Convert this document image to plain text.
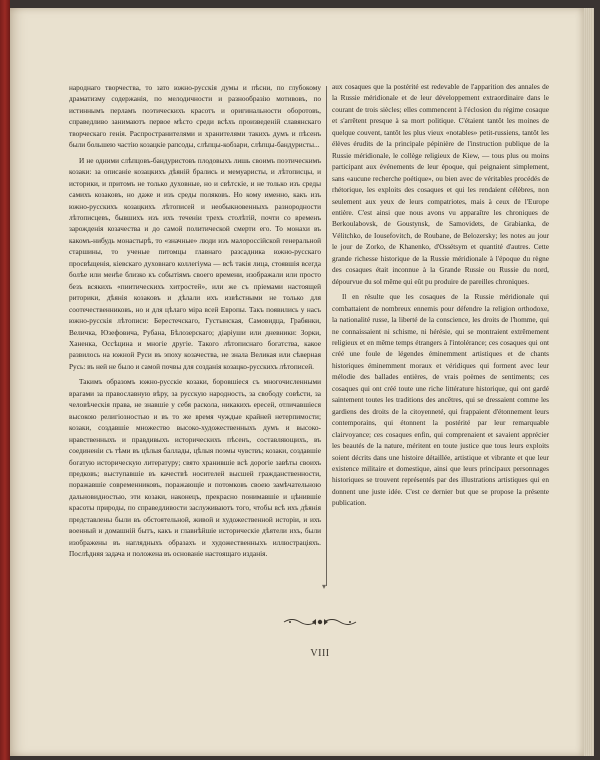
народнаго творчества, то зато южно-русскія думы и пѣсни, по глубокому драматизму содержанія, по мелодичности и разнообразію мотивовъ, по истиннымъ перламъ поэтическихъ красотъ и оригинальности оборотовъ, справедливо занимаютъ первое мѣсто среди всѣхъ произведеній славянскаго творческаго генія. Распространителями и хранителями такихъ думъ и пѣсенъ были большею частію козацкіе рапсоды, слѣпцы-кобзари, слѣпцы-бандуристы...

И не одними слѣпцовъ-бандуристовъ плодовыхъ лишь своимъ поэтическимъ козаки: за описаніе козацкихъ дѣяній брались и мемуаристы, и лѣтописцы, и историки, и притомъ не только духовные, но и свѣтскіе, и не только изъ среды самихъ козаковъ, но даже и изъ среды поляковъ. Но кому именно, какъ изъ южно-русскихъ козацкихъ лѣтописей и необыкновенныхъ разнородности лѣтописцевъ, бывшихъ изъ ихъ теченіи трехъ столѣтій, почти со временъ зарожденія козачества и до самой политической смерти его. То монахи въ какомъ-нибудь монастырѣ, то «значные» люди изъ малороссійской генеральной старшины, то ученые питомцы главнаго разсадника южно-русскаго просвѣщенія, кіевскаго духовнаго коллегіума — всѣ такія лица, стоявшія всегда болѣе или менѣе близко къ событіямъ своего времени, изображали или просто безъ всякихъ «пиитическихъ хитростей», или же съ пріемами настоящей риторики, дѣянія козаковъ и дѣлали ихъ извѣстными не только для соотечественниковъ, но и для цѣлаго міра всей Европы. Такъ появились у насъ южно-русскія лѣтописи: Берестечскаго, Густынская, Самовидца, Грабянки, Величка, Юзефовича, Рубана, Бѣлозерскаго; діаріуши или дневники: Зорки, Ханенка, Оссѣцина и многіе другіе. Такого лѣтописнаго богатства, какое развилось на южной Руси въ эпоху козачества, не знала Великая или сѣверная Русь: въ ней не было и самой почвы для созданія козацко-русскихъ лѣтописей.

Такимъ образомъ южно-русскіе козаки, боровшіеся съ многочисленными врагами за православную вѣру, за русскую народность, за свободу совѣсти, за человѣческія права, не знавшіе у себя раскола, никакихъ ересей, отличавшіеся высокою религіозностью и въ то же время чуждые крайней нетерпимости; козаки, создавшіе множество высоко-художественныхъ думъ и высоко-нравственныхъ и правдивыхъ историческихъ пѣсенъ, составляющихъ, въ соединеніи съ тѣми въ цѣлыя баллады, цѣлыя поэмы чувствъ; козаки, создавшіе богатую историческую литературу; свято хранившіе всѣ дорогіе завѣты своихъ предковъ; выступавшіе въ качествѣ носителей высшей гражданственности, поражавшіе современниковъ, поражающіе и потомковъ своею замѣчательною дальновидностью, эти козаки, наконецъ, прекрасно понимавшіе и цѣнившіе красоты природы, по справедливости заслуживаютъ того, чтобы всѣ ихъ дѣянія представлены были въ обстоятельной, живой и художественной исторіи, и ихъ военный и домашній бытъ, какъ и главнѣйшіе историческіе дѣятели ихъ, были изображены въ наглядныхъ образахъ и художественныхъ иллюстраціяхъ. Послѣдняя задача и положена въ основаніе настоящаго изданія.

▾

aux cosaques que la postérité est redevable de l'apparition des annales de la Russie méridionale et de leur développement extraordinaire dans le courant de trois siècles; elles commencent à l'éclosion du régime cosaque et s'arrêtent presque à sa mort politique. C'étaient tantôt les moines de quelque couvent, tantôt les plus vieux «notables» petit-russiens, tantôt les élèves érudits de la principale pépinière de l'instruction publique de la Russie méridionale, le collège religieux de Kiew, — tous plus ou moins participant aux événements de leur époque, qui peignaient simplement, sans «aucune recherche poétique», ou bien avec de véritables procédés de rhétorique, les exploits des cosaques et qui les rendaient célèbres, non seulement aux yeux de leurs compatriotes, mais à ceux de l'Europe entière. C'est ainsi que nous avons vu apparaître les chroniques de Berkoulabovsk, de Goustynsk, de Samovidets, de Grabianka, de Vélitchko, de Iousefovitch, de Roubane, de Belozersky; les notes au jour le jour de Zorko, de Khanenko, d'Ossétsym et quantité d'autres. Cette grande richesse historique de la Russie méridionale à l'époque du règne des cosaques était inconnue à la Grande Russie ou Russie du nord, dépourvue du sol même qui eût pu produire de pareilles chroniques.

Il en résulte que les cosaques de la Russie méridionale qui combattaient de nombreux ennemis pour défendre la religion orthodoxe, la nationalité russe, la liberté de la conscience, les droits de l'homme, qui ne connaissaient ni schisme, ni hérésie, qui se montraient extrêmement religieux et en même temps étrangers à l'intolérance; ces cosaques qui ont créé une foule de légendes éminemment artistiques et de chants historiques éminemment moraux et véridiques qui forment avec leur mélodie des ballades entières, de vrais poèmes de sentiments; ces cosaques qui ont créé toute une riche littérature historique, qui ont gardé saintement toutes les traditions des ancêtres, qui se dressaient comme les gardiens des droits de la citoyenneté, qui frappaient d'étonnement leurs contemporains, qui étonnent la postérité par leur remarquable clairvoyance; ces cosaques enfin, qui comprenaient et savaient apprécier les beautés de la nature, méritent en toute justice que tous leurs exploits soient décrits dans une histoire détaillée, artistique et vibrante et que leur existence militaire et domestique, ainsi que leurs principaux personnages historiques se trouvent représentés par des illustrations artistiques qui en donnent une juste idée. C'est ce dernier but que se propose la présente publication.

VIII
